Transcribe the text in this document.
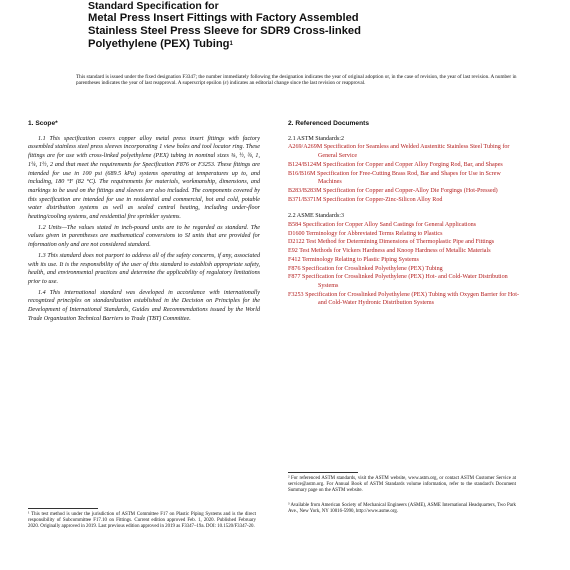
Standard Specification for
Metal Press Insert Fittings with Factory Assembled
Stainless Steel Press Sleeve for SDR9 Cross-linked
Polyethylene (PEX) Tubing$^1$
This standard is issued under the fixed designation F3347; the number immediately following the designation indicates the year of original adoption or, in the case of revision, the year of last revision. A number in parentheses indicates the year of last reapproval. A superscript epsilon (ε) indicates an editorial change since the last revision or reapproval.
1. Scope*

1.1 This specification covers copper alloy metal press insert fittings with factory assembled stainless steel press sleeves incorporating 1 view holes and tool locator ring. These fittings are for use with cross-linked polyethylene (PEX) tubing in nominal sizes ⅜, ½, ¾, 1, 1¼, 1½, 2 and that meet the requirements for Specification F876 or F3253. These fittings are intended for use in 100 psi (689.5 kPa) systems operating at temperatures up to, and including, 180 °F (82 °C). The requirements for materials, workmanship, dimensions, and markings to be used on the fittings and sleeves are also included. The components covered by this specification are intended for use in residential and commercial, hot and cold, potable water distribution systems as well as sealed central heating, including under-floor heating/cooling systems, and residential fire sprinkler systems.

1.2 Units—The values stated in inch-pound units are to be regarded as standard. The values given in parentheses are mathematical conversions to SI units that are provided for information only and are not considered standard.

1.3 This standard does not purport to address all of the safety concerns, if any, associated with its use. It is the responsibility of the user of this standard to establish appropriate safety, health, and environmental practices and determine the applicability of regulatory limitations prior to use.

1.4 This international standard was developed in accordance with internationally recognized principles on standardization established in the Decision on Principles for the Development of International Standards, Guides and Recommendations issued by the World Trade Organization Technical Barriers to Trade (TBT) Committee.

2. Referenced Documents
2.1 ASTM Standards:2

A269/A269M Specification for Seamless and Welded Austenitic Stainless Steel Tubing for General Service

B124/B124M Specification for Copper and Copper Alloy Forging Rod, Bar, and Shapes

B16/B16M Specification for Free-Cutting Brass Rod, Bar and Shapes for Use in Screw Machines

B283/B283M Specification for Copper and Copper-Alloy Die Forgings (Hot-Pressed)

B371/B371M Specification for Copper-Zinc-Silicon Alloy Rod

2.2 ASME Standards:3

B584 Specification for Copper Alloy Sand Castings for General Applications

D1600 Terminology for Abbreviated Terms Relating to Plastics

D2122 Test Method for Determining Dimensions of Thermoplastic Pipe and Fittings

E92 Test Methods for Vickers Hardness and Knoop Hardness of Metallic Materials

F412 Terminology Relating to Plastic Piping Systems

F876 Specification for Crosslinked Polyethylene (PEX) Tubing

F877 Specification for Crosslinked Polyethylene (PEX) Hot- and Cold-Water Distribution Systems

F3253 Specification for Crosslinked Polyethylene (PEX) Tubing with Oxygen Barrier for Hot- and Cold-Water Hydronic Distribution Systems

¹ This test method is under the jurisdiction of ASTM Committee F17 on Plastic Piping Systems and is the direct responsibility of Subcommittee F17.10 on Fittings. Current edition approved Feb. 1, 2020. Published February 2020. Originally approved in 2019. Last previous edition approved in 2019 as F3347–19a. DOI: 10.1520/F3347-20.
² For referenced ASTM standards, visit the ASTM website, www.astm.org, or contact ASTM Customer Service at service@astm.org. For Annual Book of ASTM Standards volume information, refer to the standard's Document Summary page on the ASTM website.
³ Available from American Society of Mechanical Engineers (ASME), ASME International Headquarters, Two Park Ave., New York, NY 10016-5990, http://www.asme.org.
